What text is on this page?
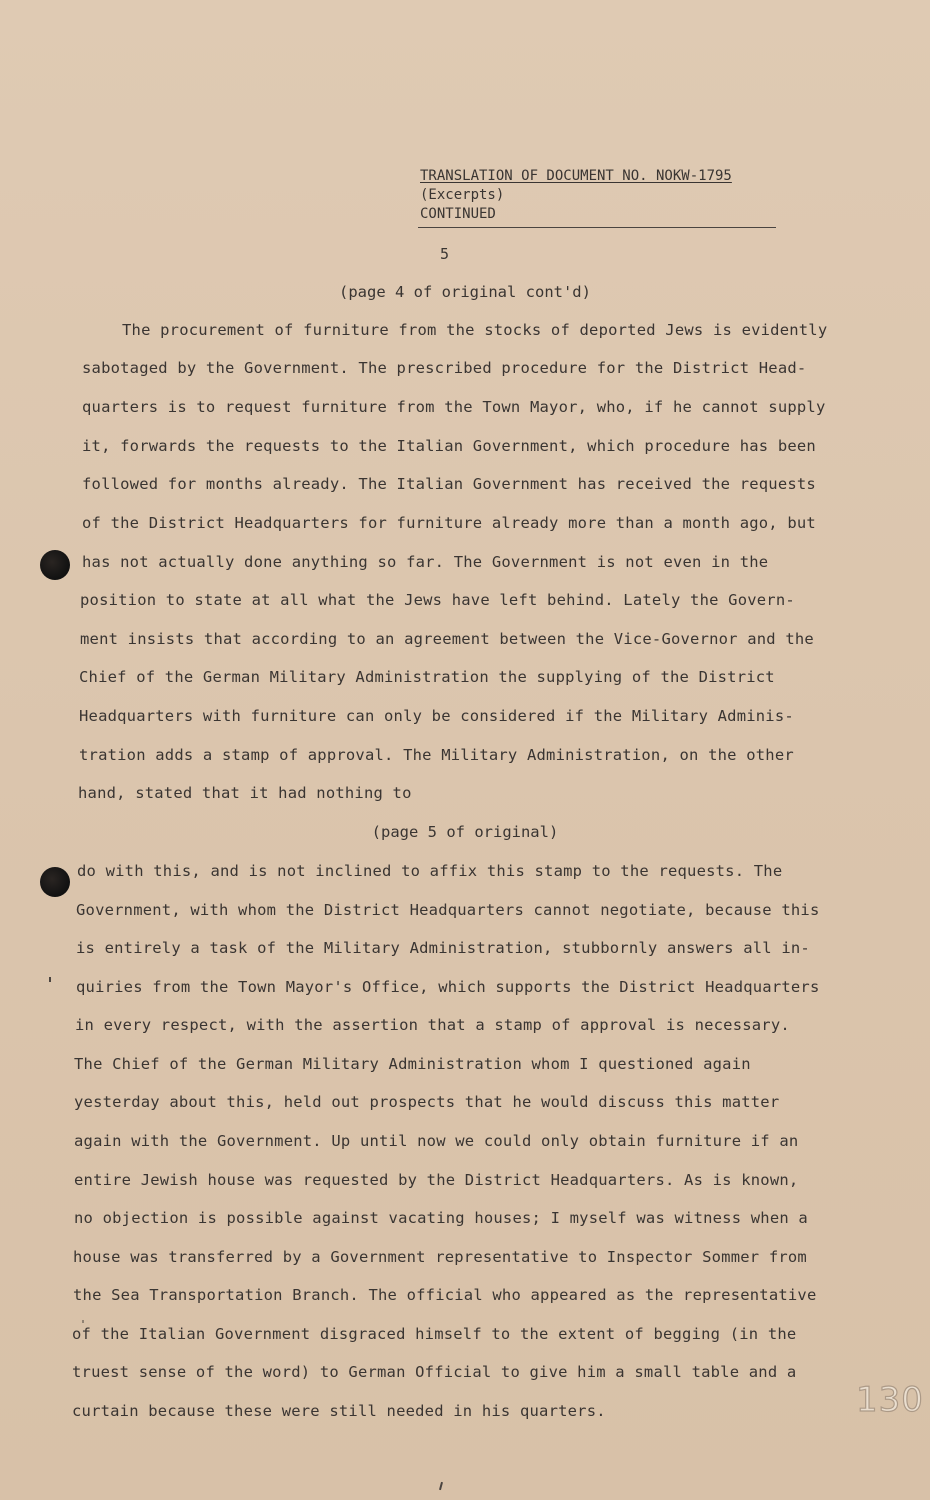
TRANSLATION OF DOCUMENT NO. NOKW-1795
(Excerpts)
CONTINUED
5
(page 4 of original cont'd)
The procurement of furniture from the stocks of deported Jews is evidently
sabotaged by the Government. The prescribed procedure for the District Head-
quarters is to request furniture from the Town Mayor, who, if he cannot supply
it, forwards the requests to the Italian Government, which procedure has been
followed for months already. The Italian Government has received the requests
of the District Headquarters for furniture already more than a month ago, but
has not actually done anything so far. The Government is not even in the
position to state at all what the Jews have left behind. Lately the Govern-
ment insists that according to an agreement between the Vice-Governor and the
Chief of the German Military Administration the supplying of the District
Headquarters with furniture can only be considered if the Military Adminis-
tration adds a stamp of approval. The Military Administration, on the other
hand, stated that it had nothing to
(page 5 of original)
do with this, and is not inclined to affix this stamp to the requests. The
Government, with whom the District Headquarters cannot negotiate, because this
is entirely a task of the Military Administration, stubbornly answers all in-
quiries from the Town Mayor's Office, which supports the District Headquarters
in every respect, with the assertion that a stamp of approval is necessary.
The Chief of the German Military Administration whom I questioned again
yesterday about this, held out prospects that he would discuss this matter
again with the Government. Up until now we could only obtain furniture if an
entire Jewish house was requested by the District Headquarters. As is known,
no objection is possible against vacating houses; I myself was witness when a
house was transferred by a Government representative to Inspector Sommer from
the Sea Transportation Branch. The official who appeared as the representative
of the Italian Government disgraced himself to the extent of begging (in the
truest sense of the word) to German Official to give him a small table and a
curtain because these were still needed in his quarters.	130
